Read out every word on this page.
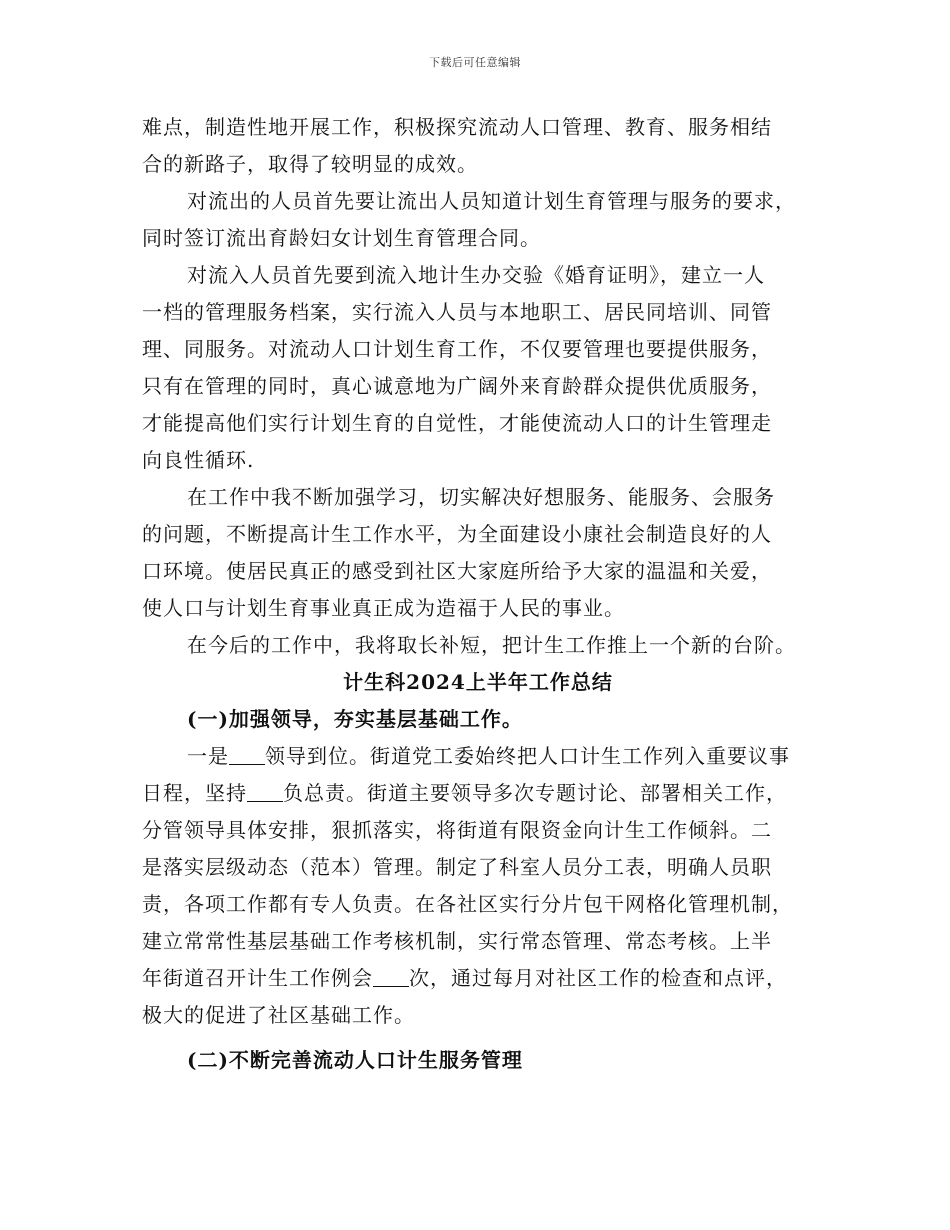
下载后可任意编辑
难点，制造性地开展工作，积极探究流动人口管理、教育、服务相结
合的新路子，取得了较明显的成效。
对流出的人员首先要让流出人员知道计划生育管理与服务的要求，
同时签订流出育龄妇女计划生育管理合同。
对流入人员首先要到流入地计生办交验《婚育证明》，建立一人
一档的管理服务档案，实行流入人员与本地职工、居民同培训、同管
理、同服务。对流动人口计划生育工作，不仅要管理也要提供服务，
只有在管理的同时，真心诚意地为广阔外来育龄群众提供优质服务，
才能提高他们实行计划生育的自觉性，才能使流动人口的计生管理走
向良性循环.
在工作中我不断加强学习，切实解决好想服务、能服务、会服务
的问题，不断提高计生工作水平，为全面建设小康社会制造良好的人
口环境。使居民真正的感受到社区大家庭所给予大家的温温和关爱，
使人口与计划生育事业真正成为造福于人民的事业。
在今后的工作中，我将取长补短，把计生工作推上一个新的台阶。
计生科2024上半年工作总结
(一)加强领导，夯实基层基础工作。
一是 领导到位。街道党工委始终把人口计生工作列入重要议事
日程，坚持 负总责。街道主要领导多次专题讨论、部署相关工作，
分管领导具体安排，狠抓落实，将街道有限资金向计生工作倾斜。二
是落实层级动态（范本）管理。制定了科室人员分工表，明确人员职
责，各项工作都有专人负责。在各社区实行分片包干网格化管理机制，
建立常常性基层基础工作考核机制，实行常态管理、常态考核。上半
年街道召开计生工作例会 次，通过每月对社区工作的检查和点评，
极大的促进了社区基础工作。
(二)不断完善流动人口计生服务管理
